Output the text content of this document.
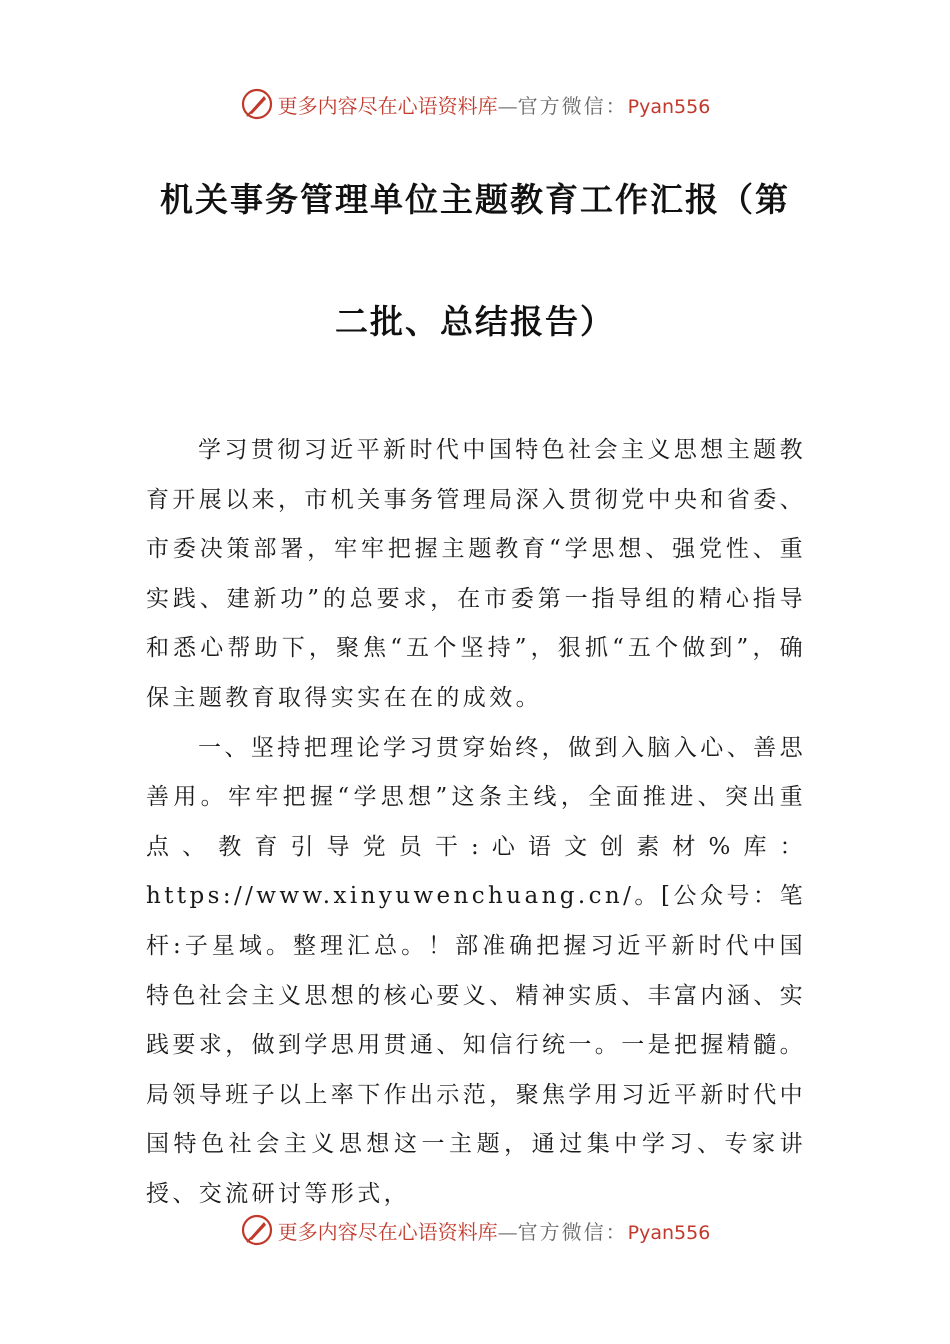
更多内容尽在心语资料库—官方微信：Pyan556
机关事务管理单位主题教育工作汇报（第
二批、总结报告）

学习贯彻习近平新时代中国特色社会主义思想主题教育开展以来，市机关事务管理局深入贯彻党中央和省委、市委决策部署，牢牢把握主题教育“学思想、强党性、重实践、建新功”的总要求，在市委第一指导组的精心指导和悉心帮助下，聚焦“五个坚持”，狠抓“五个做到”，确保主题教育取得实实在在的成效。

一、坚持把理论学习贯穿始终，做到入脑入心、善思善用。牢牢把握“学思想”这条主线，全面推进、突出重点、教育引导党员干:心语文创素材%库：https://www.xinyuwenchuang.cn/。[公众号：笔杆:子星域。整理汇总。！部准确把握习近平新时代中国特色社会主义思想的核心要义、精神实质、丰富内涵、实践要求，做到学思用贯通、知信行统一。一是把握精髓。局领导班子以上率下作出示范，聚焦学用习近平新时代中国特色社会主义思想这一主题，通过集中学习、专家讲授、交流研讨等形式，

更多内容尽在心语资料库—官方微信：Pyan556
